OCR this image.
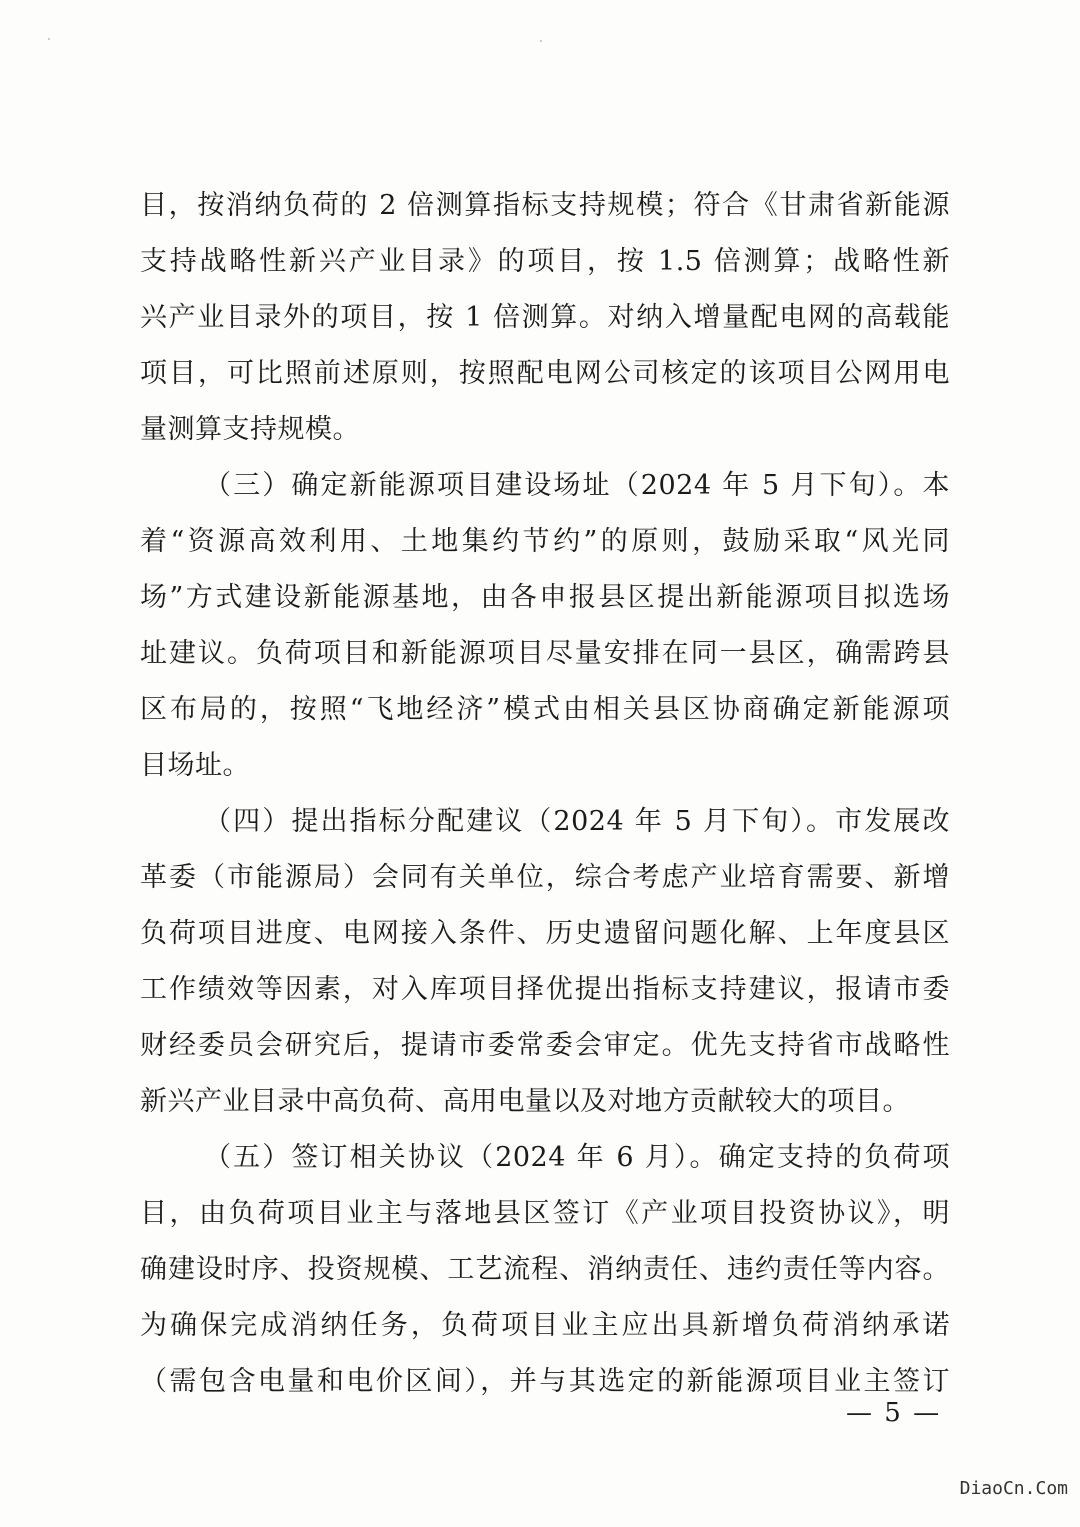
目，按消纳负荷的 2 倍测算指标支持规模；符合《甘肃省新能源
支持战略性新兴产业目录》的项目，按 1.5 倍测算；战略性新
兴产业目录外的项目，按 1 倍测算。对纳入增量配电网的高载能
项目，可比照前述原则，按照配电网公司核定的该项目公网用电
量测算支持规模。
（三）确定新能源项目建设场址（2024 年 5 月下旬）。本
着“资源高效利用、土地集约节约”的原则，鼓励采取“风光同
场”方式建设新能源基地，由各申报县区提出新能源项目拟选场
址建议。负荷项目和新能源项目尽量安排在同一县区，确需跨县
区布局的，按照“飞地经济”模式由相关县区协商确定新能源项
目场址。
（四）提出指标分配建议（2024 年 5 月下旬）。市发展改
革委（市能源局）会同有关单位，综合考虑产业培育需要、新增
负荷项目进度、电网接入条件、历史遗留问题化解、上年度县区
工作绩效等因素，对入库项目择优提出指标支持建议，报请市委
财经委员会研究后，提请市委常委会审定。优先支持省市战略性
新兴产业目录中高负荷、高用电量以及对地方贡献较大的项目。
（五）签订相关协议（2024 年 6 月）。确定支持的负荷项
目，由负荷项目业主与落地县区签订《产业项目投资协议》，明
确建设时序、投资规模、工艺流程、消纳责任、违约责任等内容。
为确保完成消纳任务，负荷项目业主应出具新增负荷消纳承诺
（需包含电量和电价区间），并与其选定的新能源项目业主签订
— 5 —
DiaoCn.Com
